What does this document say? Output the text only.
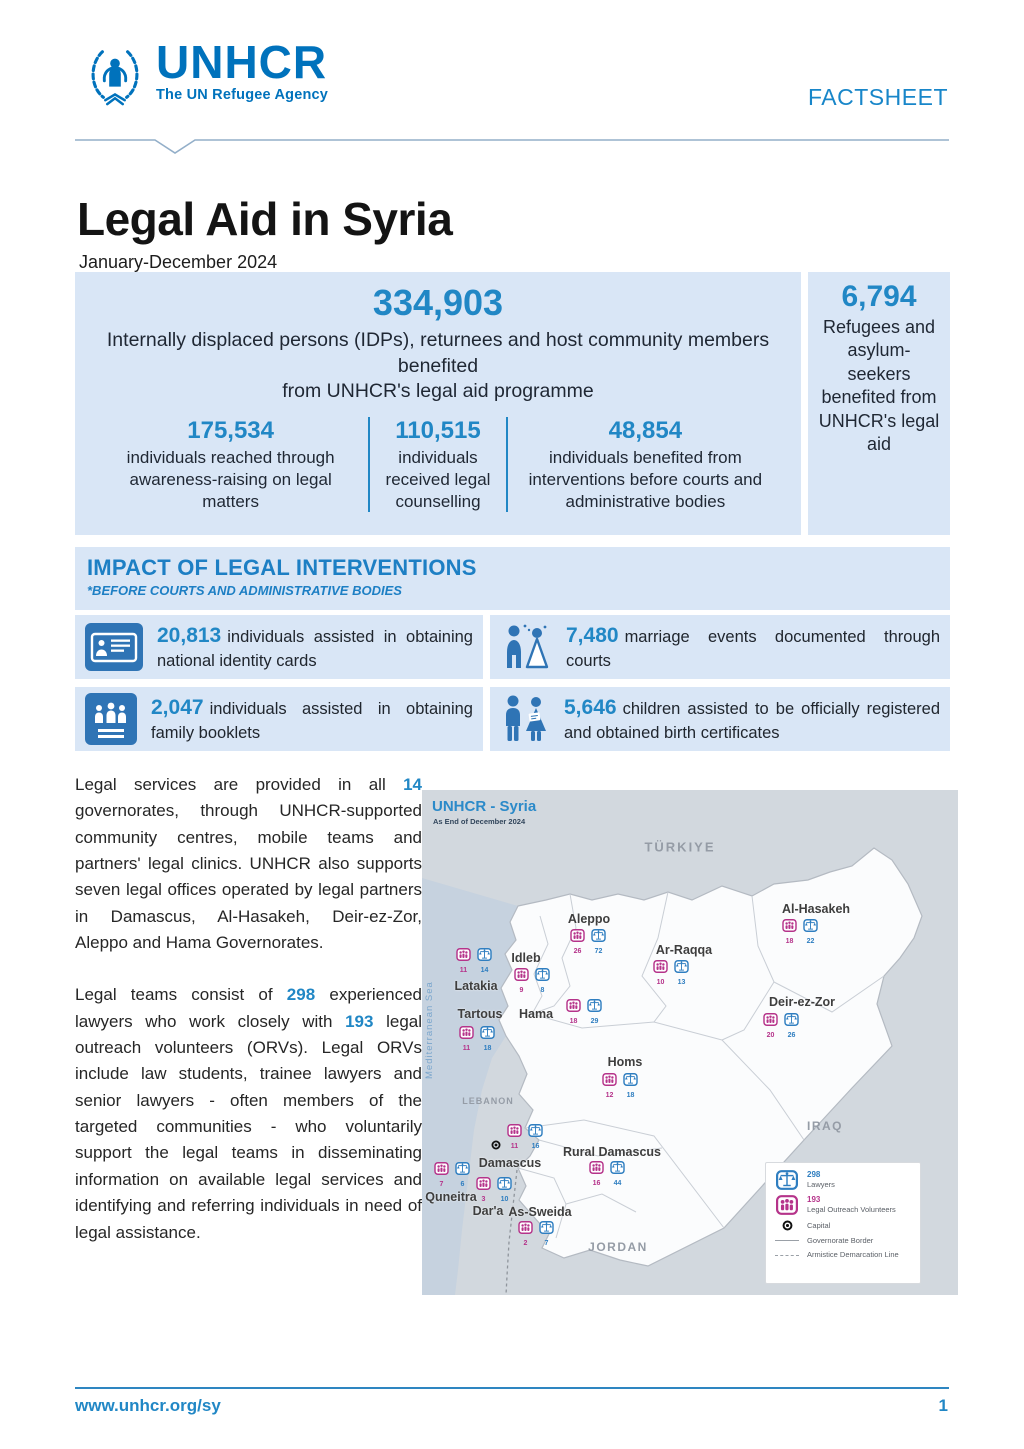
UNHCR
The UN Refugee Agency	FACTSHEET
Legal Aid in Syria
January-December 2024
334,903
Internally displaced persons (IDPs), returnees and host community members benefited
from UNHCR's legal aid programme
175,534
individuals reached through awareness-raising on legal matters
110,515
individuals received legal counselling
48,854
individuals benefited from interventions before courts and administrative bodies
6,794
Refugees and asylum-seekers benefited from UNHCR's legal aid
IMPACT OF LEGAL INTERVENTIONS
*BEFORE COURTS AND ADMINISTRATIVE BODIES
20,813 individuals assisted in obtaining national identity cards
7,480 marriage events documented through courts
2,047 individuals assisted in obtaining family booklets
5,646 children assisted to be officially registered and obtained birth certificates

Legal services are provided in all 14 governorates, through UNHCR-supported community centres, mobile teams and partners' legal clinics. UNHCR also supports seven legal offices operated by legal partners in Damascus, Al-Hasakeh, Deir-ez-Zor, Aleppo and Hama Governorates.

Legal teams consist of 298 experienced lawyers who work closely with 193 legal outreach volunteers (ORVs). Legal ORVs include law students, trainee lawyers and senior lawyers - often members of the targeted communities - who voluntarily support the legal teams in disseminating information on available legal services and identifying and referring individuals in need of legal assistance.

UNHCR - Syria
As End of December 2024
TÜRKIYE
IRAQ
JORDAN
LEBANON
Mediterranean Sea
Aleppo
26 72
Idleb
9 8
Latakia
11 14
Tartous
11 18
Hama
18 29
Homs
12 18
Ar-Raqqa
10 13
Al-Hasakeh
18 22
Deir-ez-Zor
20 26
Damascus
11 16 Rural Damascus
16 44
Quneitra
7 6
Dar'a
3 10
As-Sweida
2 7
298
Lawyers
193
Legal Outreach Volunteers
Capital
Governorate Border
Armistice Demarcation Line
www.unhcr.org/sy	1
